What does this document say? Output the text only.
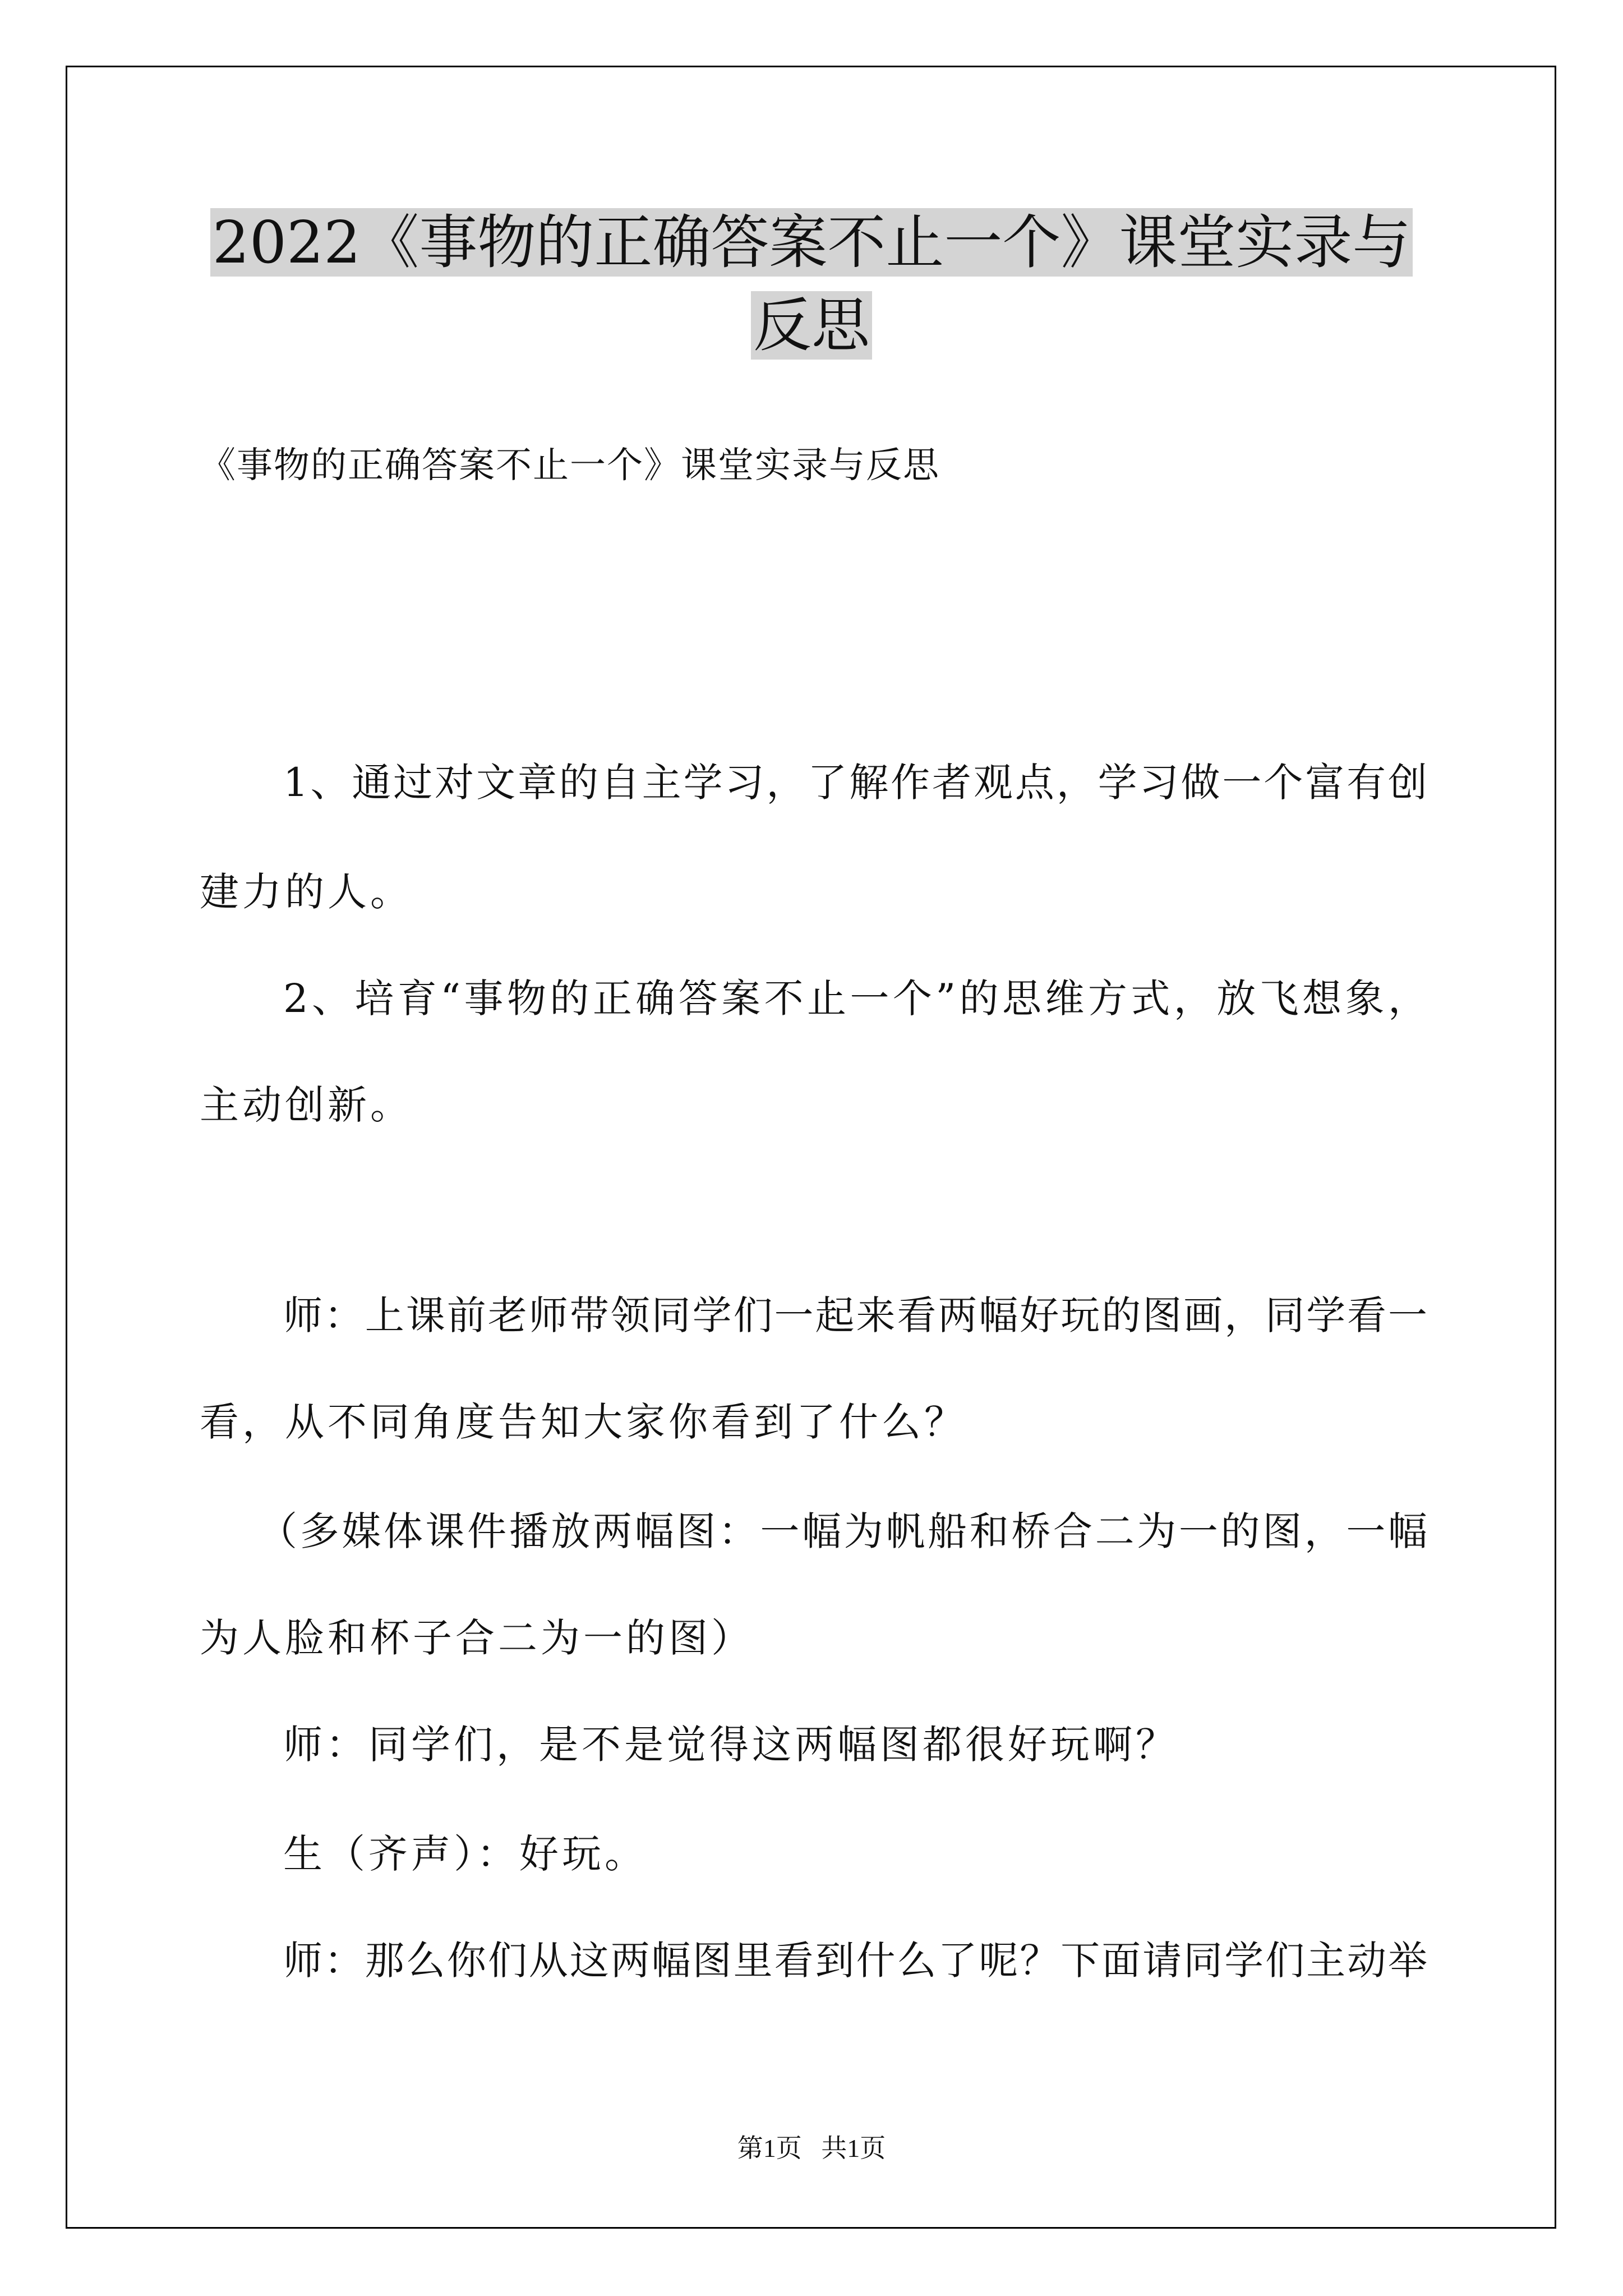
2022《事物的正确答案不止一个》课堂实录与
反思
《事物的正确答案不止一个》课堂实录与反思
1、通过对文章的自主学习，了解作者观点，学习做一个富有创
建力的人。
2、培育“事物的正确答案不止一个”的思维方式，放飞想象，
主动创新。
师：上课前老师带领同学们一起来看两幅好玩的图画，同学看一
看，从不同角度告知大家你看到了什么？
（多媒体课件播放两幅图：一幅为帆船和桥合二为一的图，一幅
为人脸和杯子合二为一的图）
师：同学们，是不是觉得这两幅图都很好玩啊？
生（齐声）：好玩。
师：那么你们从这两幅图里看到什么了呢？下面请同学们主动举
第1页   共1页
